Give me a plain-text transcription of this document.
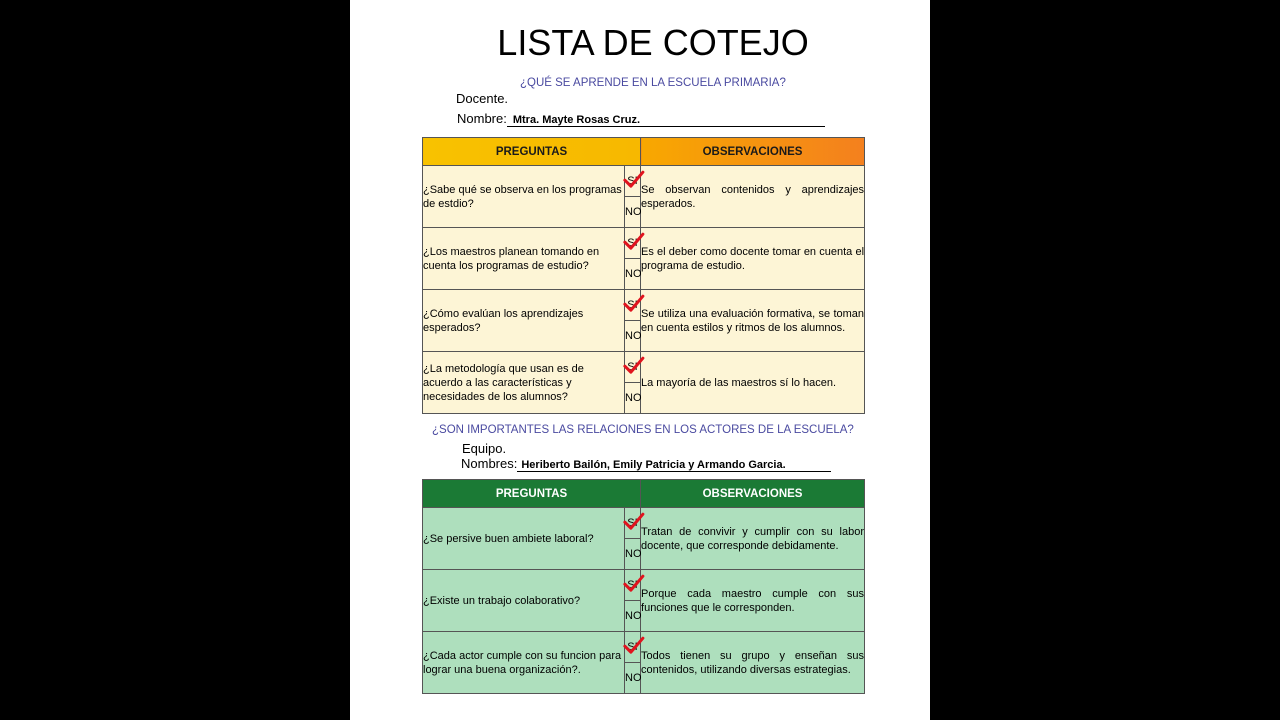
LISTA DE COTEJO
¿QUÉ SE APRENDE EN LA ESCUELA PRIMARIA?
Docente.
Nombre: Mtra. Mayte Rosas Cruz.
PREGUNTAS		OBSERVACIONES
¿Sabe qué se observa en los programas de estdio?	SI	Se observan contenidos y aprendizajes esperados.
	NO	
¿Los maestros planean tomando en cuenta los programas de estudio?	SI	Es el deber como docente tomar en cuenta el programa de estudio.
	NO	
¿Cómo evalúan los aprendizajes esperados?	SI	Se utiliza una evaluación formativa, se toman en cuenta estilos y ritmos de los alumnos.
	NO	
¿La metodología que usan es de acuerdo a las características y necesidades de los alumnos?	SI	La mayoría de las maestros sí lo hacen.
	NO	
¿SON IMPORTANTES LAS RELACIONES EN LOS ACTORES DE LA ESCUELA?
Equipo.
Nombres: Heriberto Bailón, Emily Patricia y Armando Garcia.
PREGUNTAS		OBSERVACIONES
¿Se persive buen ambiete laboral?	SI	Tratan de convivir y cumplir con su labor docente, que corresponde debidamente.
	NO	
¿Existe un trabajo colaborativo?	SI	Porque cada maestro cumple con sus funciones que le corresponden.
	NO	
¿Cada actor cumple con su funcion para lograr una buena organización?.	SI	Todos tienen su grupo y enseñan sus contenidos, utilizando diversas estrategias.
	NO	
